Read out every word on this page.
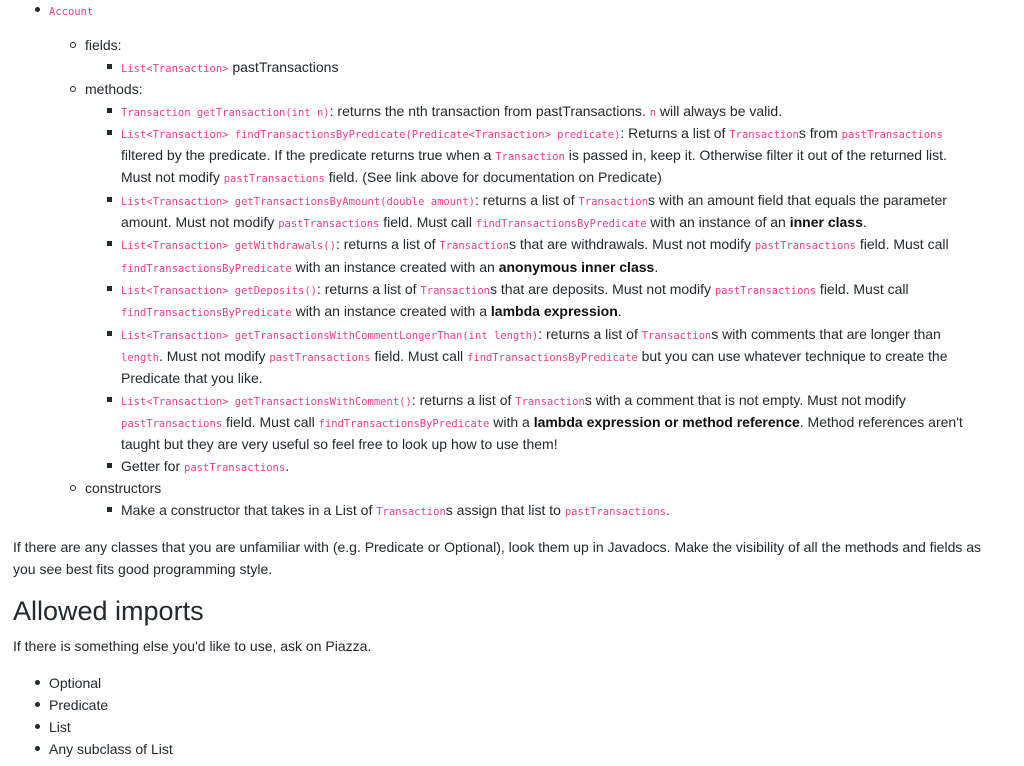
Account
fields:
List<Transaction> pastTransactions
methods:
Transaction getTransaction(int n): returns the nth transaction from pastTransactions. n will always be valid.
List<Transaction> findTransactionsByPredicate(Predicate<Transaction> predicate): Returns a list of Transactions from pastTransactions
filtered by the predicate. If the predicate returns true when a Transaction is passed in, keep it. Otherwise filter it out of the returned list.
Must not modify pastTransactions field. (See link above for documentation on Predicate)
List<Transaction> getTransactionsByAmount(double amount): returns a list of Transactions with an amount field that equals the parameter
amount. Must not modify pastTransactions field. Must call findTransactionsByPredicate with an instance of an inner class.
List<Transaction> getWithdrawals(): returns a list of Transactions that are withdrawals. Must not modify pastTransactions field. Must call
findTransactionsByPredicate with an instance created with an anonymous inner class.
List<Transaction> getDeposits(): returns a list of Transactions that are deposits. Must not modify pastTransactions field. Must call
findTransactionsByPredicate with an instance created with a lambda expression.
List<Transaction> getTransactionsWithCommentLongerThan(int length): returns a list of Transactions with comments that are longer than
length. Must not modify pastTransactions field. Must call findTransactionsByPredicate but you can use whatever technique to create the
Predicate that you like.
List<Transaction> getTransactionsWithComment(): returns a list of Transactions with a comment that is not empty. Must not modify
pastTransactions field. Must call findTransactionsByPredicate with a lambda expression or method reference. Method references aren't
taught but they are very useful so feel free to look up how to use them!
Getter for pastTransactions.
constructors
Make a constructor that takes in a List of Transactions assign that list to pastTransactions.
If there are any classes that you are unfamiliar with (e.g. Predicate or Optional), look them up in Javadocs. Make the visibility of all the methods and fields as
you see best fits good programming style.
Allowed imports
If there is something else you'd like to use, ask on Piazza.
Optional
Predicate
List
Any subclass of List
